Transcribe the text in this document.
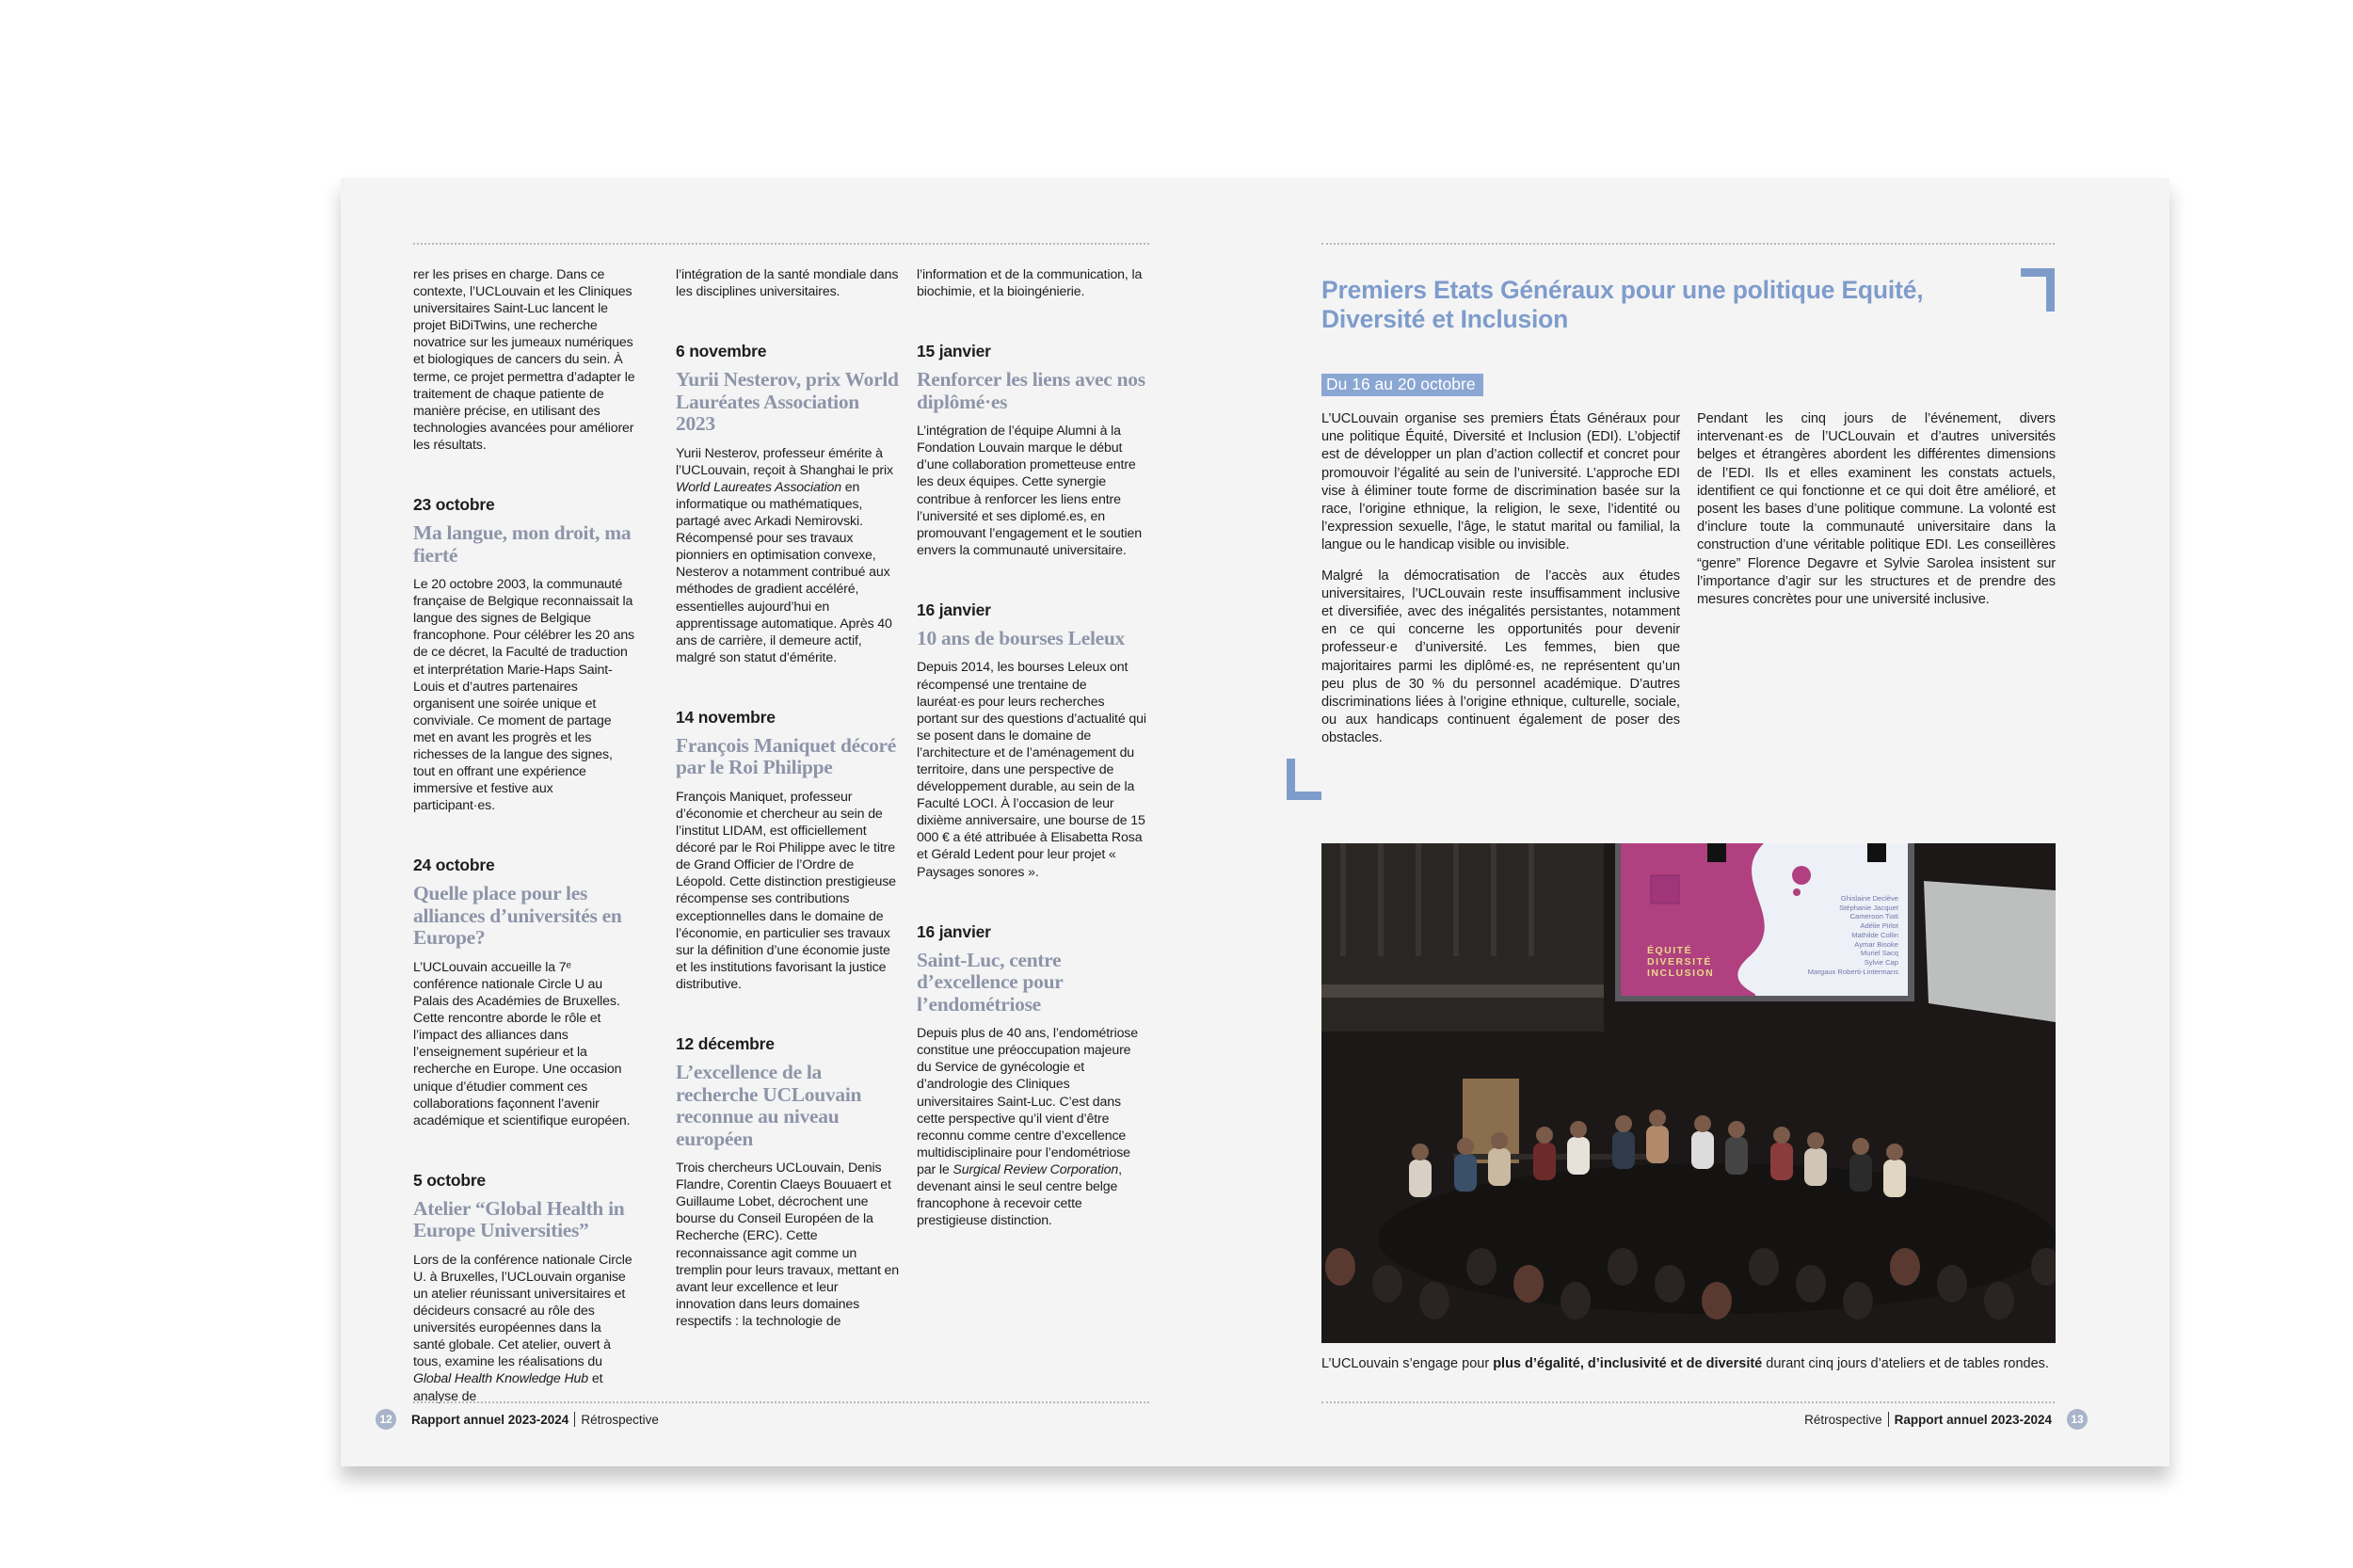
rer les prises en charge. Dans ce contexte, l’UCLouvain et les Cliniques universitaires Saint-Luc lancent le projet BiDiTwins, une recherche novatrice sur les jumeaux numériques et biologiques de cancers du sein. À terme, ce projet permettra d’adapter le traitement de chaque patiente de manière précise, en utilisant des technologies avancées pour améliorer les résultats.
23 octobre
Ma langue, mon droit, ma fierté
Le 20 octobre 2003, la communauté française de Belgique reconnaissait la langue des signes de Belgique francophone. Pour célébrer les 20 ans de ce décret, la Faculté de traduction et interprétation Marie-Haps Saint-Louis et d’autres partenaires organisent une soirée unique et conviviale. Ce moment de partage met en avant les progrès et les richesses de la langue des signes, tout en offrant une expérience immersive et festive aux participant·es.
24 octobre
Quelle place pour les alliances d’universités en Europe?
L’UCLouvain accueille la 7ᵉ conférence nationale Circle U au Palais des Académies de Bruxelles. Cette rencontre aborde le rôle et l’impact des alliances dans l’enseignement supérieur et la recherche en Europe. Une occasion unique d’étudier comment ces collaborations façonnent l’avenir académique et scientifique européen.
5 octobre
Atelier “Global Health in Europe Universities”
Lors de la conférence nationale Circle U. à Bruxelles, l’UCLouvain organise un atelier réunissant universitaires et décideurs consacré au rôle des universités européennes dans la santé globale. Cet atelier, ouvert à tous, examine les réalisations du Global Health Knowledge Hub et analyse de
l’intégration de la santé mondiale dans les disciplines universitaires.
6 novembre
Yurii Nesterov, prix World Lauréates Association 2023
Yurii Nesterov, professeur émérite à l’UCLouvain, reçoit à Shanghai le prix World Laureates Association en informatique ou mathématiques, partagé avec Arkadi Nemirovski. Récompensé pour ses travaux pionniers en optimisation convexe, Nesterov a notamment contribué aux méthodes de gradient accéléré, essentielles aujourd’hui en apprentissage automatique. Après 40 ans de carrière, il demeure actif, malgré son statut d’émérite.
14 novembre
François Maniquet décoré par le Roi Philippe
François Maniquet, professeur d’économie et chercheur au sein de l’institut LIDAM, est officiellement décoré par le Roi Philippe avec le titre de Grand Officier de l’Ordre de Léopold. Cette distinction prestigieuse récompense ses contributions exceptionnelles dans le domaine de l’économie, en particulier ses travaux sur la définition d’une économie juste et les institutions favorisant la justice distributive.
12 décembre
L’excellence de la recherche UCLouvain reconnue au niveau européen
Trois chercheurs UCLouvain, Denis Flandre, Corentin Claeys Bouuaert et Guillaume Lobet, décrochent une bourse du Conseil Européen de la Recherche (ERC). Cette reconnaissance agit comme un tremplin pour leurs travaux, mettant en avant leur excellence et leur innovation dans leurs domaines respectifs : la technologie de
l’information et de la communication, la biochimie, et la bioingénierie.
15 janvier
Renforcer les liens avec nos diplômé·es
L’intégration de l’équipe Alumni à la Fondation Louvain marque le début d’une collaboration prometteuse entre les deux équipes. Cette synergie contribue à renforcer les liens entre l’université et ses diplomé.es, en promouvant l’engagement et le soutien envers la communauté universitaire.
16 janvier
10 ans de bourses Leleux
Depuis 2014, les bourses Leleux ont récompensé une trentaine de lauréat·es pour leurs recherches portant sur des questions d’actualité qui se posent dans le domaine de l’architecture et de l’aménagement du territoire, dans une perspective de développement durable, au sein de la Faculté LOCI. À l’occasion de leur dixième anniversaire, une bourse de 15 000 € a été attribuée à Elisabetta Rosa et Gérald Ledent pour leur projet « Paysages sonores ».
16 janvier
Saint-Luc, centre d’excellence pour l’endométriose
Depuis plus de 40 ans, l’endométriose constitue une préoccupation majeure du Service de gynécologie et d’andrologie des Cliniques universitaires Saint-Luc. C’est dans cette perspective qu’il vient d’être reconnu comme centre d’excellence multidisciplinaire pour l’endométriose par le Surgical Review Corporation, devenant ainsi le seul centre belge francophone à recevoir cette prestigieuse distinction.
12	Rapport annuel 2023-2024 Rétrospective
Premiers Etats Généraux pour une politique Equité, Diversité et Inclusion
Du 16 au 20 octobre

L’UCLouvain organise ses premiers États Généraux pour une politique Équité, Diversité et Inclusion (EDI). L’objectif est de développer un plan d’action collectif et concret pour promouvoir l’égalité au sein de l’université. L’approche EDI vise à éliminer toute forme de discrimination basée sur la race, l’origine ethnique, la religion, le sexe, l’identité ou l’expression sexuelle, l’âge, le statut marital ou familial, la langue ou le handicap visible ou invisible.

Malgré la démocratisation de l’accès aux études universitaires, l’UCLouvain reste insuffisamment inclusive et diversifiée, avec des inégalités persistantes, notamment en ce qui concerne les opportunités pour devenir professeur·e d’université. Les femmes, bien que majoritaires parmi les diplômé·es, ne représentent qu’un peu plus de 30 % du personnel académique. D’autres discriminations liées à l’origine ethnique, culturelle, sociale, ou aux handicaps continuent également de poser des obstacles.

Pendant les cinq jours de l’événement, divers intervenant·es de l’UCLouvain et d’autres universités belges et étrangères abordent les différentes dimensions de l’EDI. Ils et elles examinent les constats actuels, identifient ce qui fonctionne et ce qui doit être amélioré, et posent les bases d’une politique commune. La volonté est d’inclure toute la communauté universitaire dans la construction d’une véritable politique EDI. Les conseillères “genre” Florence Degavre et Sylvie Sarolea insistent sur l’importance d’agir sur les structures et de prendre des mesures concrètes pour une université inclusive.

ÉQUITÉ
DIVERSITÉ
INCLUSION
Ghislaine Declève
Stéphanie Jacquet
Cameroon Tiati
Adélie Pirlot
Mathilde Collin
Aymar Bisoke
Muriel Sacq
Sylvie Cap
Margaux Roberti-Lintermans
L’UCLouvain s’engage pour plus d’égalité, d’inclusivité et de diversité durant cinq jours d’ateliers et de tables rondes.
Rétrospective Rapport annuel 2023-2024	13
